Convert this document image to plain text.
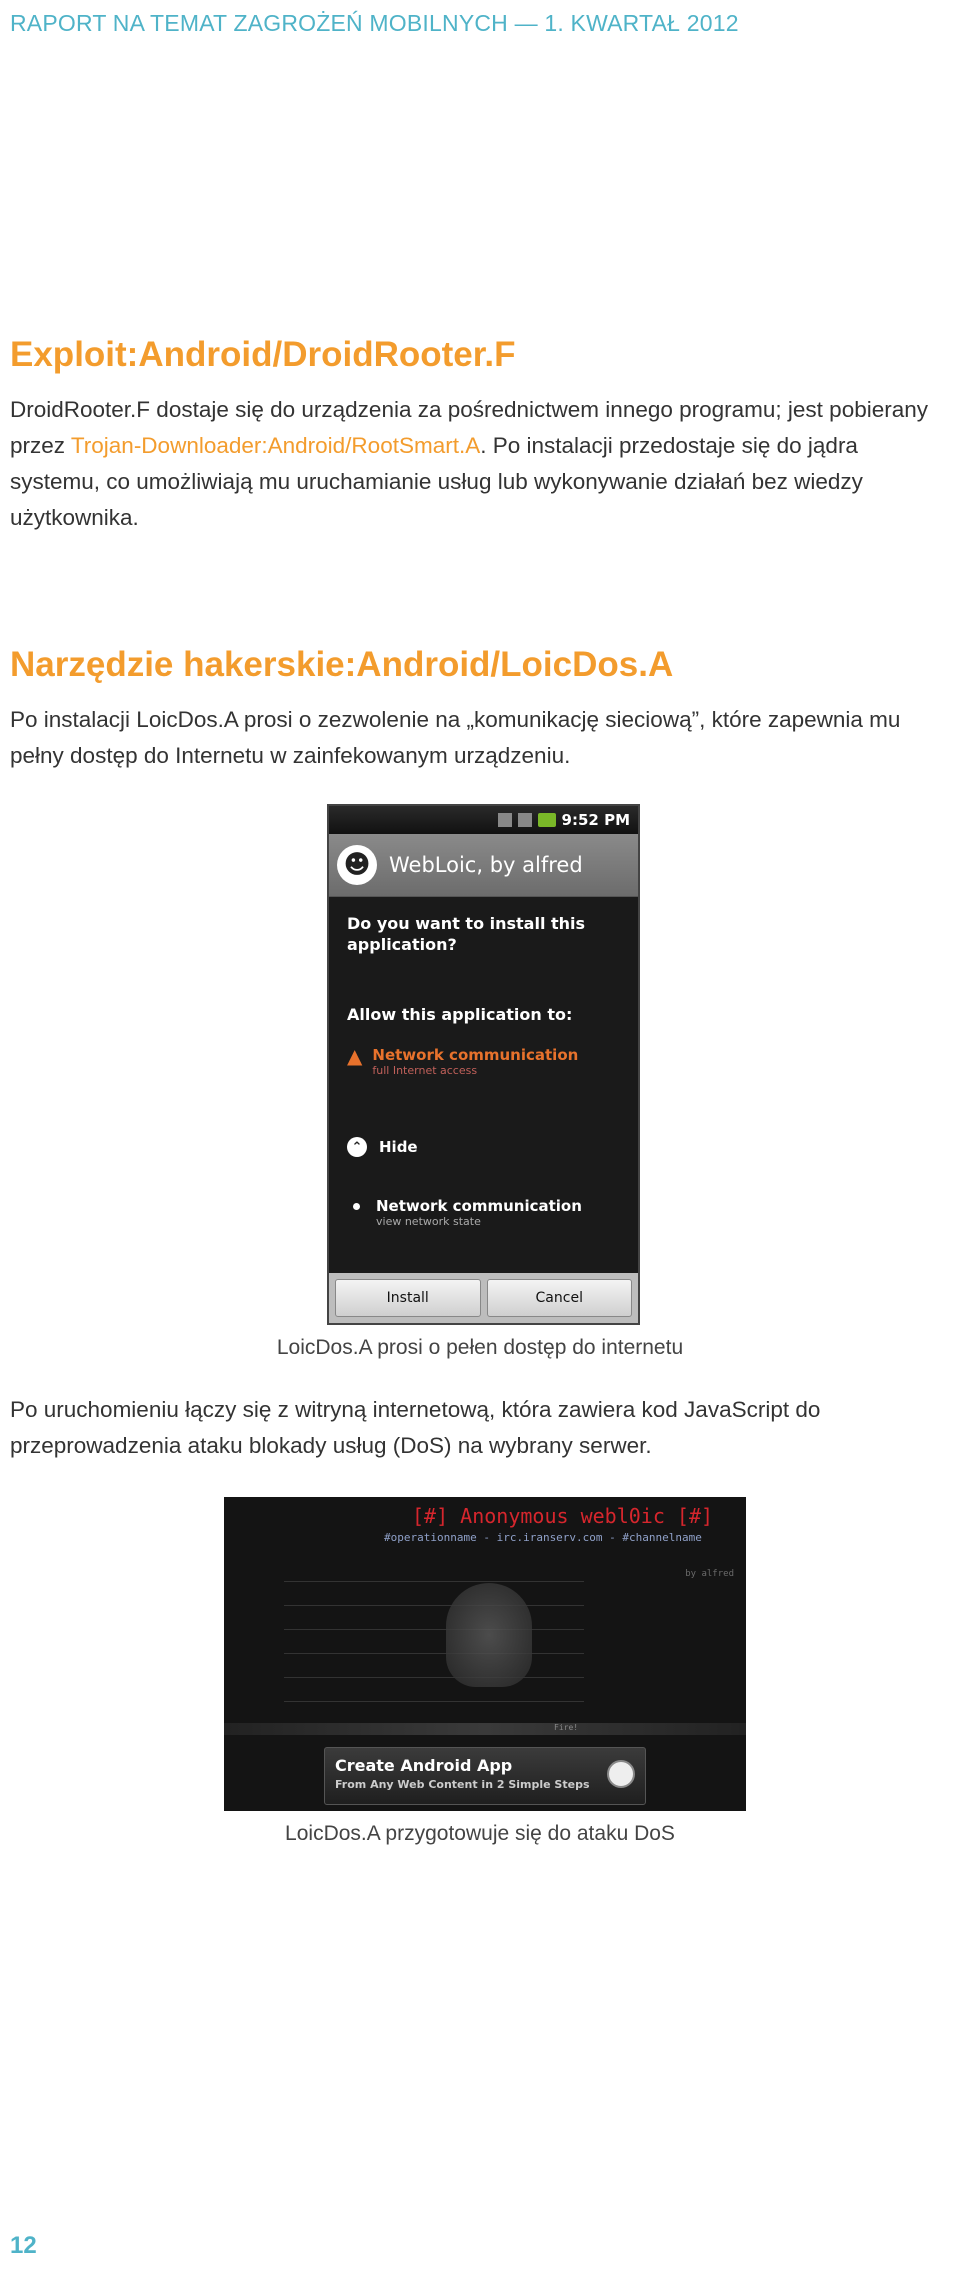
RAPORT NA TEMAT ZAGROŻEŃ MOBILNYCH — 1. KWARTAŁ 2012
Exploit:Android/DroidRooter.F
DroidRooter.F dostaje się do urządzenia za pośrednictwem innego programu; jest pobierany przez Trojan-Downloader:Android/RootSmart.A. Po instalacji przedostaje się do jądra systemu, co umożliwiają mu uruchamianie usług lub wykonywanie działań bez wiedzy użytkownika.
Narzędzie hakerskie:Android/LoicDos.A
Po instalacji LoicDos.A prosi o zezwolenie na „komunikację sieciową”, które zapewnia mu pełny dostęp do Internetu w zainfekowanym urządzeniu.
9:52 PM
☻ WebLoic, by alfred
Do you want to install this application?
Allow this application to:
▲ Network communication
full Internet access
⌃	Hide
Network communication
view network state
Install	Cancel
LoicDos.A prosi o pełen dostęp do internetu
Po uruchomieniu łączy się z witryną internetową, która zawiera kod JavaScript do przeprowadzenia ataku blokady usług (DoS) na wybrany serwer.
[#] Anonymous webl0ic [#]
#operationname - irc.iranserv.com - #channelname
by alfred
Fire!
Create Android App
From Any Web Content in 2 Simple Steps
LoicDos.A przygotowuje się do ataku DoS
12
